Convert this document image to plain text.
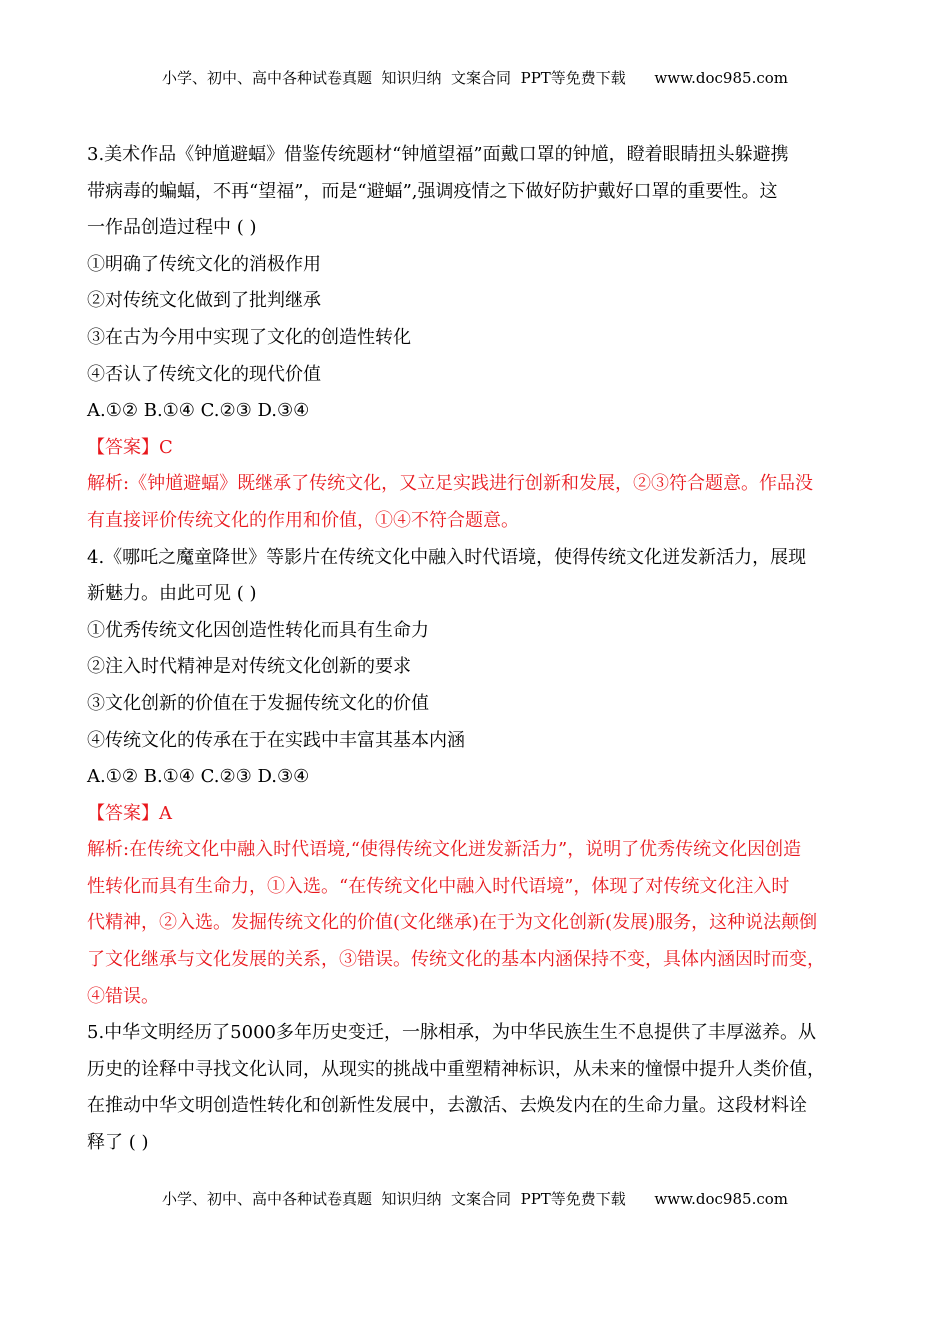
小学、初中、高中各种试卷真题  知识归纳  文案合同  PPT等免费下载      www.doc985.com
3.美术作品《钟馗避蝠》借鉴传统题材“钟馗望福”面戴口罩的钟馗，瞪着眼睛扭头躲避携
带病毒的蝙蝠，不再“望福”，而是“避蝠”,强调疫情之下做好防护戴好口罩的重要性。这
一作品创造过程中 ( )
①明确了传统文化的消极作用
②对传统文化做到了批判继承
③在古为今用中实现了文化的创造性转化
④否认了传统文化的现代价值
A.①② B.①④ C.②③ D.③④
【答案】C
解析:《钟馗避蝠》既继承了传统文化，又立足实践进行创新和发展，②③符合题意。作品没
有直接评价传统文化的作用和价值，①④不符合题意。
4.《哪吒之魔童降世》等影片在传统文化中融入时代语境，使得传统文化迸发新活力，展现
新魅力。由此可见 ( )
①优秀传统文化因创造性转化而具有生命力
②注入时代精神是对传统文化创新的要求
③文化创新的价值在于发掘传统文化的价值
④传统文化的传承在于在实践中丰富其基本内涵
A.①② B.①④ C.②③ D.③④
【答案】A
解析:在传统文化中融入时代语境,“使得传统文化迸发新活力”，说明了优秀传统文化因创造
性转化而具有生命力，①入选。“在传统文化中融入时代语境”，体现了对传统文化注入时
代精神，②入选。发掘传统文化的价值(文化继承)在于为文化创新(发展)服务，这种说法颠倒
了文化继承与文化发展的关系，③错误。传统文化的基本内涵保持不变，具体内涵因时而变，
④错误。
5.中华文明经历了5000多年历史变迁，一脉相承，为中华民族生生不息提供了丰厚滋养。从
历史的诠释中寻找文化认同，从现实的挑战中重塑精神标识，从未来的憧憬中提升人类价值，
在推动中华文明创造性转化和创新性发展中，去激活、去焕发内在的生命力量。这段材料诠
释了 ( )
小学、初中、高中各种试卷真题  知识归纳  文案合同  PPT等免费下载      www.doc985.com
